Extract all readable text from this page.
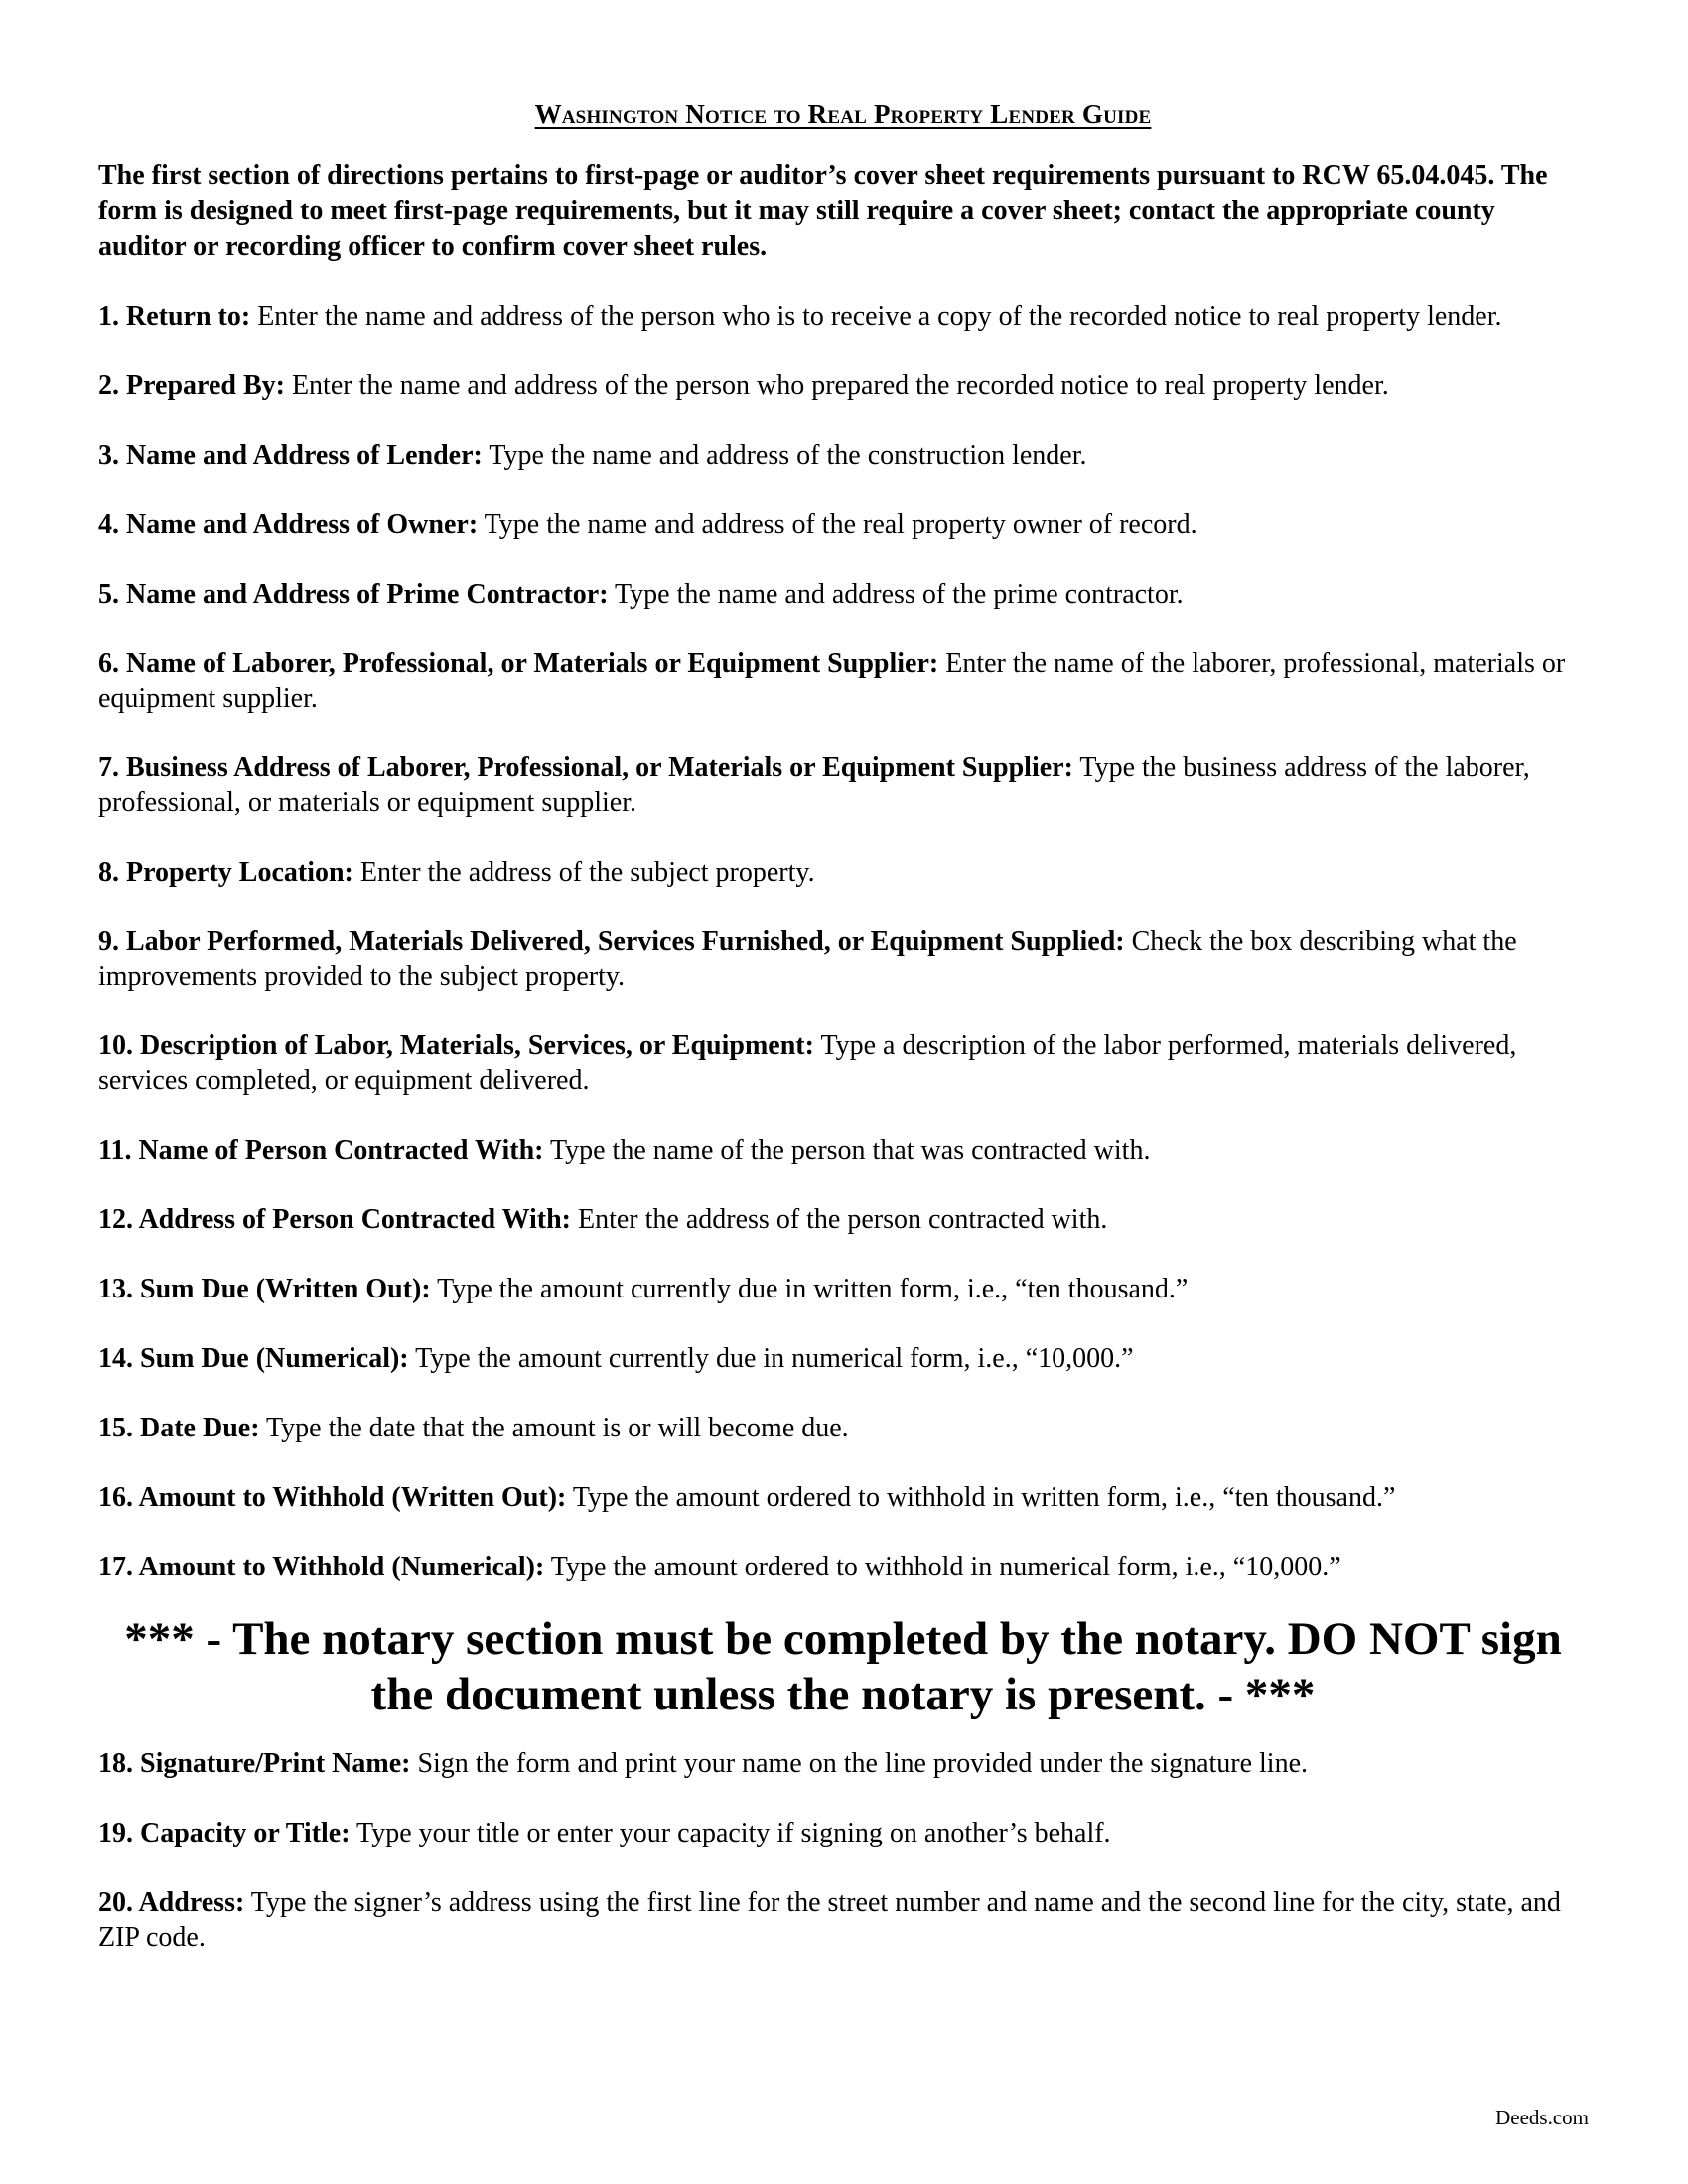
Washington Notice to Real Property Lender Guide
The first section of directions pertains to first-page or auditor’s cover sheet requirements pursuant to RCW 65.04.045. The form is designed to meet first-page requirements, but it may still require a cover sheet; contact the appropriate county auditor or recording officer to confirm cover sheet rules.
1. Return to: Enter the name and address of the person who is to receive a copy of the recorded notice to real property lender.
2. Prepared By: Enter the name and address of the person who prepared the recorded notice to real property lender.
3. Name and Address of Lender: Type the name and address of the construction lender.
4. Name and Address of Owner: Type the name and address of the real property owner of record.
5. Name and Address of Prime Contractor: Type the name and address of the prime contractor.
6. Name of Laborer, Professional, or Materials or Equipment Supplier: Enter the name of the laborer, professional, materials or equipment supplier.
7. Business Address of Laborer, Professional, or Materials or Equipment Supplier: Type the business address of the laborer, professional, or materials or equipment supplier.
8. Property Location: Enter the address of the subject property.
9. Labor Performed, Materials Delivered, Services Furnished, or Equipment Supplied: Check the box describing what the improvements provided to the subject property.
10. Description of Labor, Materials, Services, or Equipment: Type a description of the labor performed, materials delivered, services completed, or equipment delivered.
11. Name of Person Contracted With: Type the name of the person that was contracted with.
12. Address of Person Contracted With: Enter the address of the person contracted with.
13. Sum Due (Written Out): Type the amount currently due in written form, i.e., “ten thousand.”
14. Sum Due (Numerical): Type the amount currently due in numerical form, i.e., “10,000.”
15. Date Due: Type the date that the amount is or will become due.
16. Amount to Withhold (Written Out): Type the amount ordered to withhold in written form, i.e., “ten thousand.”
17. Amount to Withhold (Numerical): Type the amount ordered to withhold in numerical form, i.e., “10,000.”
*** - The notary section must be completed by the notary. DO NOT sign the document unless the notary is present. - ***
18. Signature/Print Name: Sign the form and print your name on the line provided under the signature line.
19. Capacity or Title: Type your title or enter your capacity if signing on another’s behalf.
20. Address: Type the signer’s address using the first line for the street number and name and the second line for the city, state, and ZIP code.
Deeds.com
